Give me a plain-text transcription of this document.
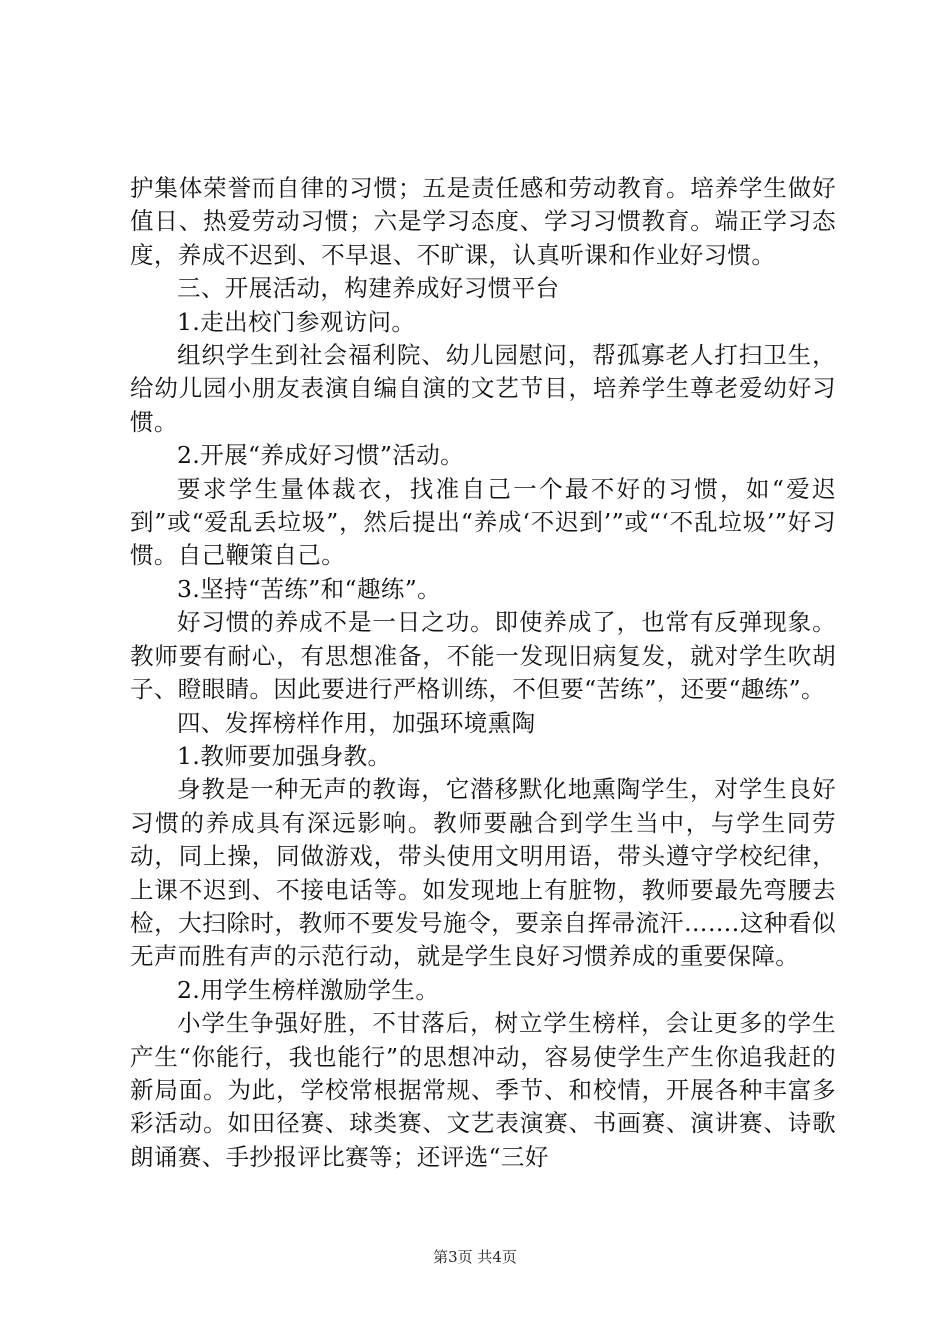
护集体荣誉而自律的习惯；五是责任感和劳动教育。培养学生做好值日、热爱劳动习惯；六是学习态度、学习习惯教育。端正学习态度，养成不迟到、不早退、不旷课，认真听课和作业好习惯。

三、开展活动，构建养成好习惯平台

1.走出校门参观访问。

组织学生到社会福利院、幼儿园慰问，帮孤寡老人打扫卫生，给幼儿园小朋友表演自编自演的文艺节目，培养学生尊老爱幼好习惯。

2.开展“养成好习惯”活动。

要求学生量体裁衣，找准自己一个最不好的习惯，如“爱迟到”或“爱乱丢垃圾”，然后提出“养成‘不迟到’”或“‘不乱垃圾’”好习惯。自己鞭策自己。

3.坚持“苦练”和“趣练”。

好习惯的养成不是一日之功。即使养成了，也常有反弹现象。教师要有耐心，有思想准备，不能一发现旧病复发，就对学生吹胡子、瞪眼睛。因此要进行严格训练，不但要“苦练”，还要“趣练”。

四、发挥榜样作用，加强环境熏陶

1.教师要加强身教。

身教是一种无声的教诲，它潜移默化地熏陶学生，对学生良好习惯的养成具有深远影响。教师要融合到学生当中，与学生同劳动，同上操，同做游戏，带头使用文明用语，带头遵守学校纪律，上课不迟到、不接电话等。如发现地上有脏物，教师要最先弯腰去检，大扫除时，教师不要发号施令，要亲自挥帚流汗…….这种看似无声而胜有声的示范行动，就是学生良好习惯养成的重要保障。

2.用学生榜样激励学生。

小学生争强好胜，不甘落后，树立学生榜样，会让更多的学生产生“你能行，我也能行”的思想冲动，容易使学生产生你追我赶的新局面。为此，学校常根据常规、季节、和校情，开展各种丰富多彩活动。如田径赛、球类赛、文艺表演赛、书画赛、演讲赛、诗歌朗诵赛、手抄报评比赛等；还评选“三好

第3页 共4页
